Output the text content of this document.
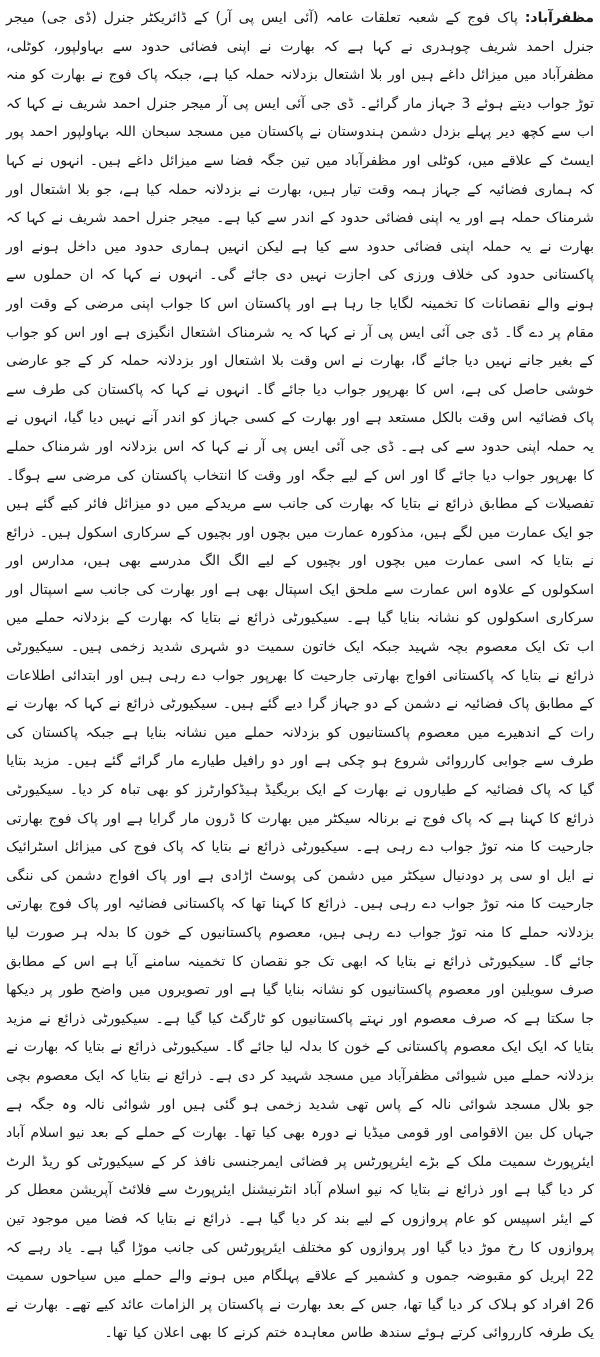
مظفرآباد: پاک فوج کے شعبہ تعلقات عامہ (آئی ایس پی آر) کے ڈائریکٹر جنرل (ڈی جی) میجر جنرل احمد شریف چوہدری نے کہا ہے کہ بھارت نے اپنی فضائی حدود سے بہاولپور، کوٹلی، مظفرآباد میں میزائل داغے ہیں اور بلا اشتعال بزدلانہ حملہ کیا ہے، جبکہ پاک فوج نے بھارت کو منہ توڑ جواب دیتے ہوئے 3 جہاز مار گرائے۔ ڈی جی آئی ایس پی آر میجر جنرل احمد شریف نے کہا کہ اب سے کچھ دیر پہلے بزدل دشمن ہندوستان نے پاکستان میں مسجد سبحان اللہ بہاولپور احمد پور ایسٹ کے علاقے میں، کوٹلی اور مظفرآباد میں تین جگہ فضا سے میزائل داغے ہیں۔ انہوں نے کہا کہ ہماری فضائیہ کے جہاز ہمہ وقت تیار ہیں، بھارت نے بزدلانہ حملہ کیا ہے، جو بلا اشتعال اور شرمناک حملہ ہے اور یہ اپنی فضائی حدود کے اندر سے کیا ہے۔ میجر جنرل احمد شریف نے کہا کہ بھارت نے یہ حملہ اپنی فضائی حدود سے کیا ہے لیکن انہیں ہماری حدود میں داخل ہونے اور پاکستانی حدود کی خلاف ورزی کی اجازت نہیں دی جائے گی۔ انہوں نے کہا کہ ان حملوں سے ہونے والے نقصانات کا تخمینہ لگایا جا رہا ہے اور پاکستان اس کا جواب اپنی مرضی کے وقت اور مقام پر دے گا۔ ڈی جی آئی ایس پی آر نے کہا کہ یہ شرمناک اشتعال انگیزی ہے اور اس کو جواب کے بغیر جانے نہیں دیا جائے گا، بھارت نے اس وقت بلا اشتعال اور بزدلانہ حملہ کر کے جو عارضی خوشی حاصل کی ہے، اس کا بھرپور جواب دیا جائے گا۔ انہوں نے کہا کہ پاکستان کی طرف سے پاک فضائیہ اس وقت بالکل مستعد ہے اور بھارت کے کسی جہاز کو اندر آنے نہیں دیا گیا، انہوں نے یہ حملہ اپنی حدود سے کی ہے۔ ڈی جی آئی ایس پی آر نے کہا کہ اس بزدلانہ اور شرمناک حملے کا بھرپور جواب دیا جائے گا اور اس کے لیے جگہ اور وقت کا انتخاب پاکستان کی مرضی سے ہوگا۔ تفصیلات کے مطابق ذرائع نے بتایا کہ بھارت کی جانب سے مریدکے میں دو میزائل فائر کیے گئے ہیں جو ایک عمارت میں لگے ہیں، مذکورہ عمارت میں بچوں اور بچیوں کے سرکاری اسکول ہیں۔ ذرائع نے بتایا کہ اسی عمارت میں بچوں اور بچیوں کے لیے الگ الگ مدرسے بھی ہیں، مدارس اور اسکولوں کے علاوہ اس عمارت سے ملحق ایک اسپتال بھی ہے اور بھارت کی جانب سے اسپتال اور سرکاری اسکولوں کو نشانہ بنایا گیا ہے۔ سیکیورٹی ذرائع نے بتایا کہ بھارت کے بزدلانہ حملے میں اب تک ایک معصوم بچہ شہید جبکہ ایک خاتون سمیت دو شہری شدید زخمی ہیں۔ سیکیورٹی ذرائع نے بتایا کہ پاکستانی افواج بھارتی جارحیت کا بھرپور جواب دے رہی ہیں اور ابتدائی اطلاعات کے مطابق پاک فضائیہ نے دشمن کے دو جہاز گرا دیے گئے ہیں۔ سیکیورٹی ذرائع نے کہا کہ بھارت نے رات کے اندھیرے میں معصوم پاکستانیوں کو بزدلانہ حملے میں نشانہ بنایا ہے جبکہ پاکستان کی طرف سے جوابی کارروائی شروع ہو چکی ہے اور دو رافیل طیارے مار گرائے گئے ہیں۔ مزید بتایا گیا کہ پاک فضائیہ کے طیاروں نے بھارت کے ایک بریگیڈ ہیڈکوارٹرز کو بھی تباہ کر دیا۔ سیکیورٹی ذرائع کا کہنا ہے کہ پاک فوج نے برنالہ سیکٹر میں بھارت کا ڈرون مار گرایا ہے اور پاک فوج بھارتی جارحیت کا منہ توڑ جواب دے رہی ہے۔ سیکیورٹی ذرائع نے بتایا کہ پاک فوج کی میزائل اسٹرائیک نے ایل او سی پر دودنیال سیکٹر میں دشمن کی پوسٹ اڑادی ہے اور پاک افواج دشمن کی ننگی جارحیت کا منہ توڑ جواب دے رہی ہیں۔ ذرائع کا کہنا تھا کہ پاکستانی فضائیہ اور پاک فوج بھارتی بزدلانہ حملے کا منہ توڑ جواب دے رہی ہیں، معصوم پاکستانیوں کے خون کا بدلہ ہر صورت لیا جائے گا۔ سیکیورٹی ذرائع نے بتایا کہ ابھی تک جو نقصان کا تخمینہ سامنے آیا ہے اس کے مطابق صرف سویلین اور معصوم پاکستانیوں کو نشانہ بنایا گیا ہے اور تصویروں میں واضح طور پر دیکھا جا سکتا ہے کہ صرف معصوم اور نہتے پاکستانیوں کو ٹارگٹ کیا گیا ہے۔ سیکیورٹی ذرائع نے مزید بتایا کہ ایک ایک معصوم پاکستانی کے خون کا بدلہ لیا جائے گا۔ سیکیورٹی ذرائع نے بتایا کہ بھارت نے بزدلانہ حملے میں شیوائی مظفرآباد میں مسجد شہید کر دی ہے۔ ذرائع نے بتایا کہ ایک معصوم بچی جو بلال مسجد شوائی نالہ کے پاس تھی شدید زخمی ہو گئی ہیں اور شوائی نالہ وہ جگہ ہے جہاں کل بین الاقوامی اور قومی میڈیا نے دورہ بھی کیا تھا۔ بھارت کے حملے کے بعد نیو اسلام آباد ایئرپورٹ سمیت ملک کے بڑے ایئرپورٹس پر فضائی ایمرجنسی نافذ کر کے سیکیورٹی کو ریڈ الرٹ کر دیا گیا ہے اور ذرائع نے بتایا کہ نیو اسلام آباد انٹرنیشنل ایئرپورٹ سے فلائٹ آپریشن معطل کر کے ایئر اسپیس کو عام پروازوں کے لیے بند کر دیا گیا ہے۔ ذرائع نے بتایا کہ فضا میں موجود تین پروازوں کا رخ موڑ دیا گیا اور پروازوں کو مختلف ایئرپورٹس کی جانب موڑا گیا ہے۔ یاد رہے کہ 22 اپریل کو مقبوضہ جموں و کشمیر کے علاقے پہلگام میں ہونے والے حملے میں سیاحوں سمیت 26 افراد کو ہلاک کر دیا گیا تھا، جس کے بعد بھارت نے پاکستان پر الزامات عائد کیے تھے۔ بھارت نے یک طرفہ کارروائی کرتے ہوئے سندھ طاس معاہدہ ختم کرنے کا بھی اعلان کیا تھا۔
